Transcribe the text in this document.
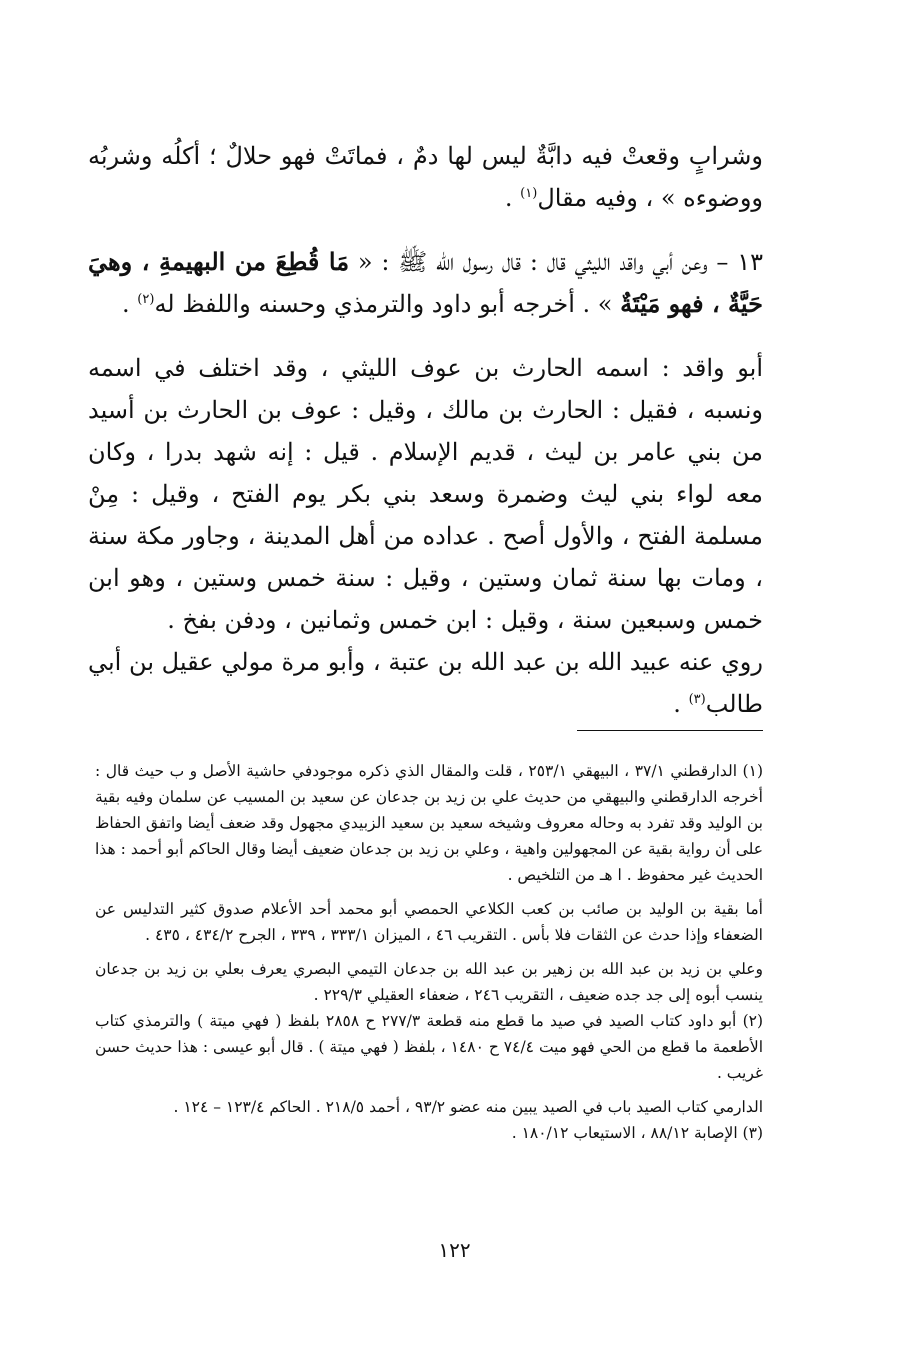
وشرابٍ وقعتْ فيه دابَّةٌ ليس لها دمٌ ، فماتَتْ فهو حلالٌ ؛ أكلُه وشربُه ووضوءه » ، وفيه مقال$^{(١)}$ .

١٣ – وعن أبي واقد الليثي قال : قال رسول الله ﷺ : « مَا قُطِعَ من البهيمةِ ، وهيَ حَيَّةٌ ، فهو مَيْتَةٌ » . أخرجه أبو داود والترمذي وحسنه واللفظ له$^{(٢)}$ .

أبو واقد : اسمه الحارث بن عوف الليثي ، وقد اختلف في اسمه ونسبه ، فقيل : الحارث بن مالك ، وقيل : عوف بن الحارث بن أسيد من بني عامر بن ليث ، قديم الإسلام . قيل : إنه شهد بدرا ، وكان معه لواء بني ليث وضمرة وسعد بني بكر يوم الفتح ، وقيل : مِنْ مسلمة الفتح ، والأول أصح . عداده من أهل المدينة ، وجاور مكة سنة ، ومات بها سنة ثمان وستين ، وقيل : سنة خمس وستين ، وهو ابن خمس وسبعين سنة ، وقيل : ابن خمس وثمانين ، ودفن بفخ .

روي عنه عبيد الله بن عبد الله بن عتبة ، وأبو مرة مولي عقيل بن أبي طالب$^{(٣)}$ .

(١) الدارقطني ٣٧/١ ، البيهقي ٢٥٣/١ ، قلت والمقال الذي ذكره موجودفي حاشية الأصل و ب حيث قال : أخرجه الدارقطني والبيهقي من حديث علي بن زيد بن جدعان عن سعيد بن المسيب عن سلمان وفيه بقية بن الوليد وقد تفرد به وحاله معروف وشيخه سعيد بن سعيد الزبيدي مجهول وقد ضعف أيضا واتفق الحفاظ على أن رواية بقية عن المجهولين واهية ، وعلي بن زيد بن جدعان ضعيف أيضا وقال الحاكم أبو أحمد : هذا الحديث غير محفوظ . ا هـ من التلخيص .

أما بقية بن الوليد بن صائب بن كعب الكلاعي الحمصي أبو محمد أحد الأعلام صدوق كثير التدليس عن الضعفاء وإذا حدث عن الثقات فلا بأس . التقريب ٤٦ ، الميزان ٣٣٣/١ ، ٣٣٩ ، الجرح ٤٣٤/٢ ، ٤٣٥ .

وعلي بن زيد بن عبد الله بن زهير بن عبد الله بن جدعان التيمي البصري يعرف بعلي بن زيد بن جدعان ينسب أبوه إلى جد جده ضعيف ، التقريب ٢٤٦ ، ضعفاء العقيلي ٢٢٩/٣ .

(٢) أبو داود كتاب الصيد في صيد ما قطع منه قطعة ٢٧٧/٣ ح ٢٨٥٨ بلفظ ( فهي ميتة ) والترمذي كتاب الأطعمة ما قطع من الحي فهو ميت ٧٤/٤ ح ١٤٨٠ ، بلفظ ( فهي ميتة ) . قال أبو عيسى : هذا حديث حسن غريب .

الدارمي كتاب الصيد باب في الصيد يبين منه عضو ٩٣/٢ ، أحمد ٢١٨/٥ . الحاكم ١٢٣/٤ – ١٢٤ .

(٣) الإصابة ٨٨/١٢ ، الاستيعاب ١٨٠/١٢ .

١٢٢
